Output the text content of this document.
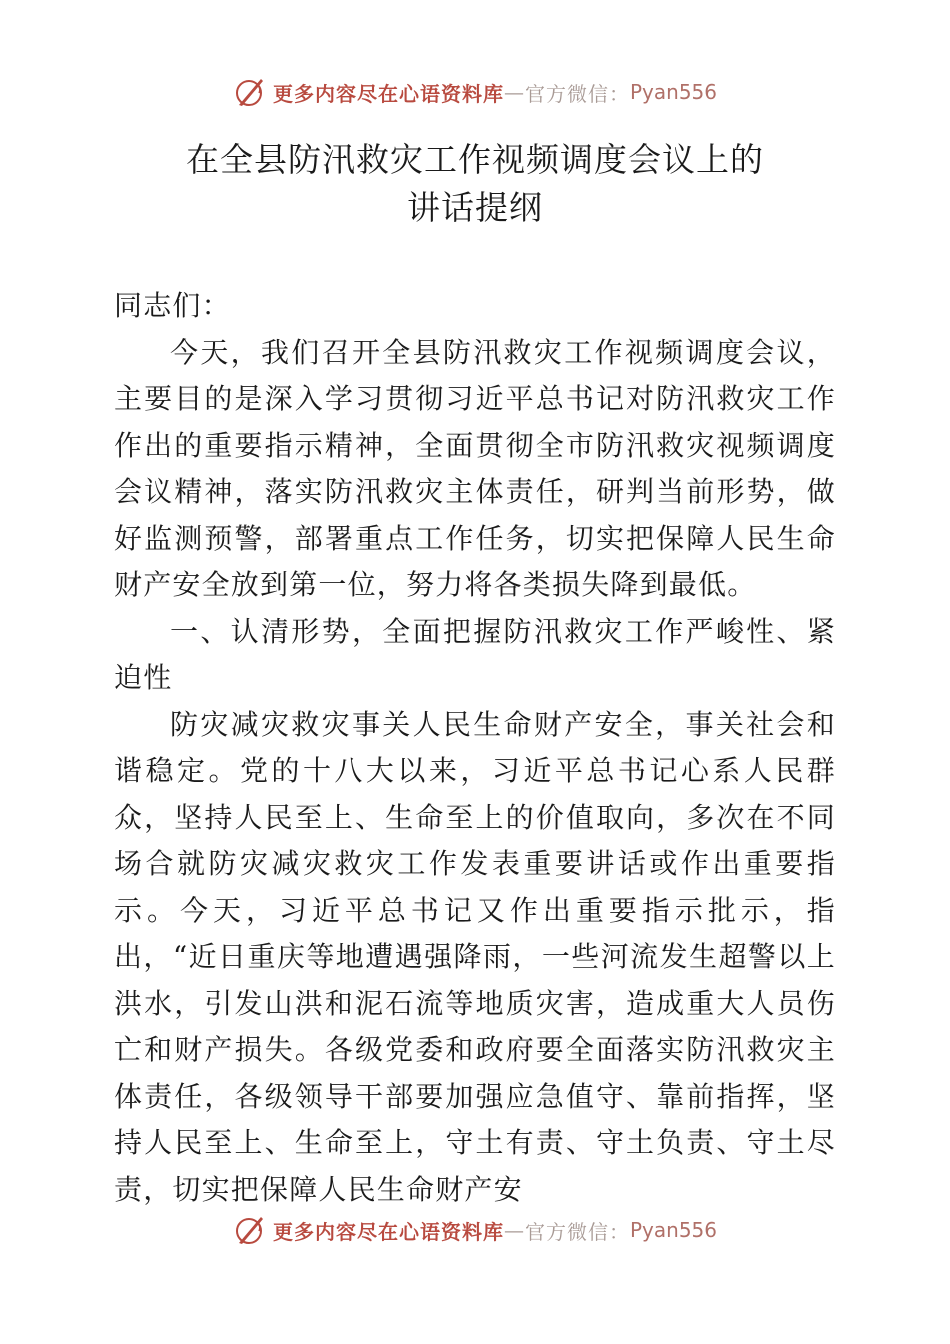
更多内容尽在心语资料库 — 官方微信： Pyan556
在全县防汛救灾工作视频调度会议上的
讲话提纲

同志们：

今天，我们召开全县防汛救灾工作视频调度会议，主要目的是深入学习贯彻习近平总书记对防汛救灾工作作出的重要指示精神，全面贯彻全市防汛救灾视频调度会议精神，落实防汛救灾主体责任，研判当前形势，做好监测预警，部署重点工作任务，切实把保障人民生命财产安全放到第一位，努力将各类损失降到最低。

一、认清形势，全面把握防汛救灾工作严峻性、紧迫性

防灾减灾救灾事关人民生命财产安全，事关社会和谐稳定。党的十八大以来，习近平总书记心系人民群众，坚持人民至上、生命至上的价值取向，多次在不同场合就防灾减灾救灾工作发表重要讲话或作出重要指示。今天，习近平总书记又作出重要指示批示，指出，“近日重庆等地遭遇强降雨，一些河流发生超警以上洪水，引发山洪和泥石流等地质灾害，造成重大人员伤亡和财产损失。各级党委和政府要全面落实防汛救灾主体责任，各级领导干部要加强应急值守、靠前指挥，坚持人民至上、生命至上，守土有责、守土负责、守土尽责，切实把保障人民生命财产安

更多内容尽在心语资料库 — 官方微信： Pyan556
